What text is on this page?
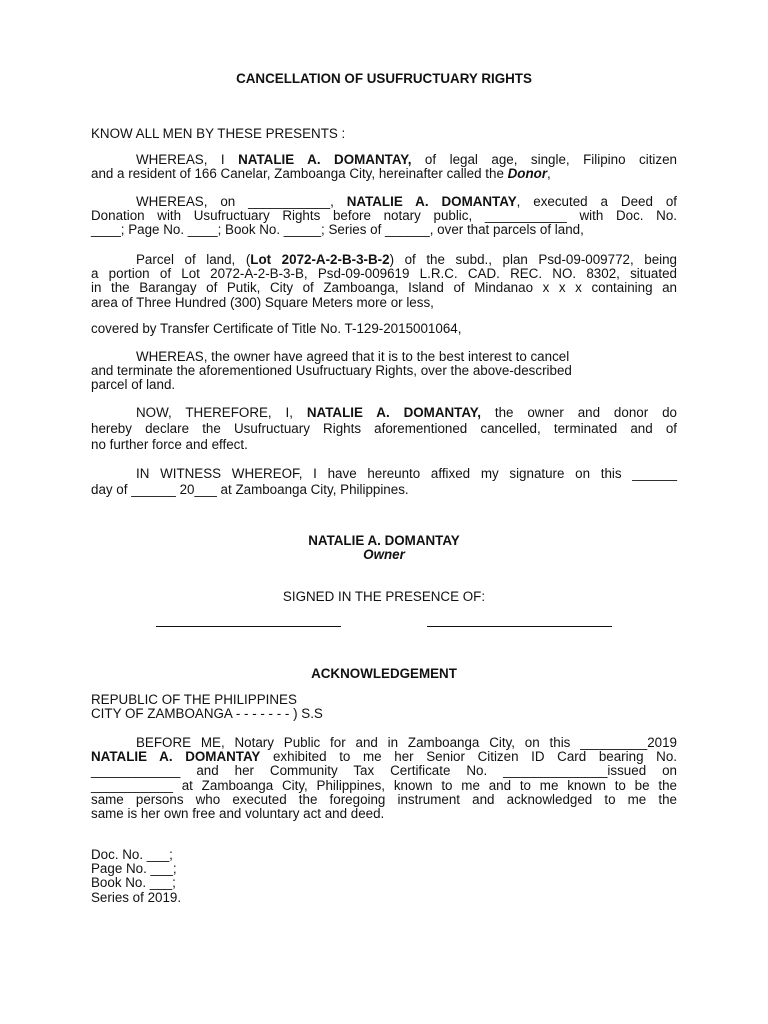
CANCELLATION OF USUFRUCTUARY RIGHTS
KNOW ALL MEN BY THESE PRESENTS :
WHEREAS, I NATALIE A. DOMANTAY, of legal age, single, Filipino citizen
and a resident of 166 Canelar, Zamboanga City, hereinafter called the Donor,
WHEREAS, on ___________, NATALIE A. DOMANTAY, executed a Deed of
Donation with Usufructuary Rights before notary public, ___________ with Doc. No.
____; Page No. ____; Book No. _____; Series of ______, over that parcels of land,
Parcel of land, (Lot 2072-A-2-B-3-B-2) of the subd., plan Psd-09-009772, being
a portion of Lot 2072-A-2-B-3-B, Psd-09-009619 L.R.C. CAD. REC. NO. 8302, situated
in the Barangay of Putik, City of Zamboanga, Island of Mindanao x x x containing an
area of Three Hundred (300) Square Meters more or less,
covered by Transfer Certificate of Title No. T-129-2015001064,
WHEREAS, the owner have agreed that it is to the best interest to cancel
and terminate the aforementioned Usufructuary Rights, over the above-described
parcel of land.
NOW, THEREFORE, I, NATALIE A. DOMANTAY, the owner and donor do
hereby declare the Usufructuary Rights aforementioned cancelled, terminated and of
no further force and effect.
IN WITNESS WHEREOF, I have hereunto affixed my signature on this ______
day of ______ 20___ at Zamboanga City, Philippines.
NATALIE A. DOMANTAY
Owner
SIGNED IN THE PRESENCE OF:
ACKNOWLEDGEMENT
REPUBLIC OF THE PHILIPPINES
CITY OF ZAMBOANGA - - - - - - - ) S.S
BEFORE ME, Notary Public for and in Zamboanga City, on this _________2019
NATALIE A. DOMANTAY exhibited to me her Senior Citizen ID Card bearing No.
____________ and her Community Tax Certificate No. ______________issued on
___________ at Zamboanga City, Philippines, known to me and to me known to be the
same persons who executed the foregoing instrument and acknowledged to me the
same is her own free and voluntary act and deed.
Doc. No. ___;
Page No. ___;
Book No. ___;
Series of 2019.
